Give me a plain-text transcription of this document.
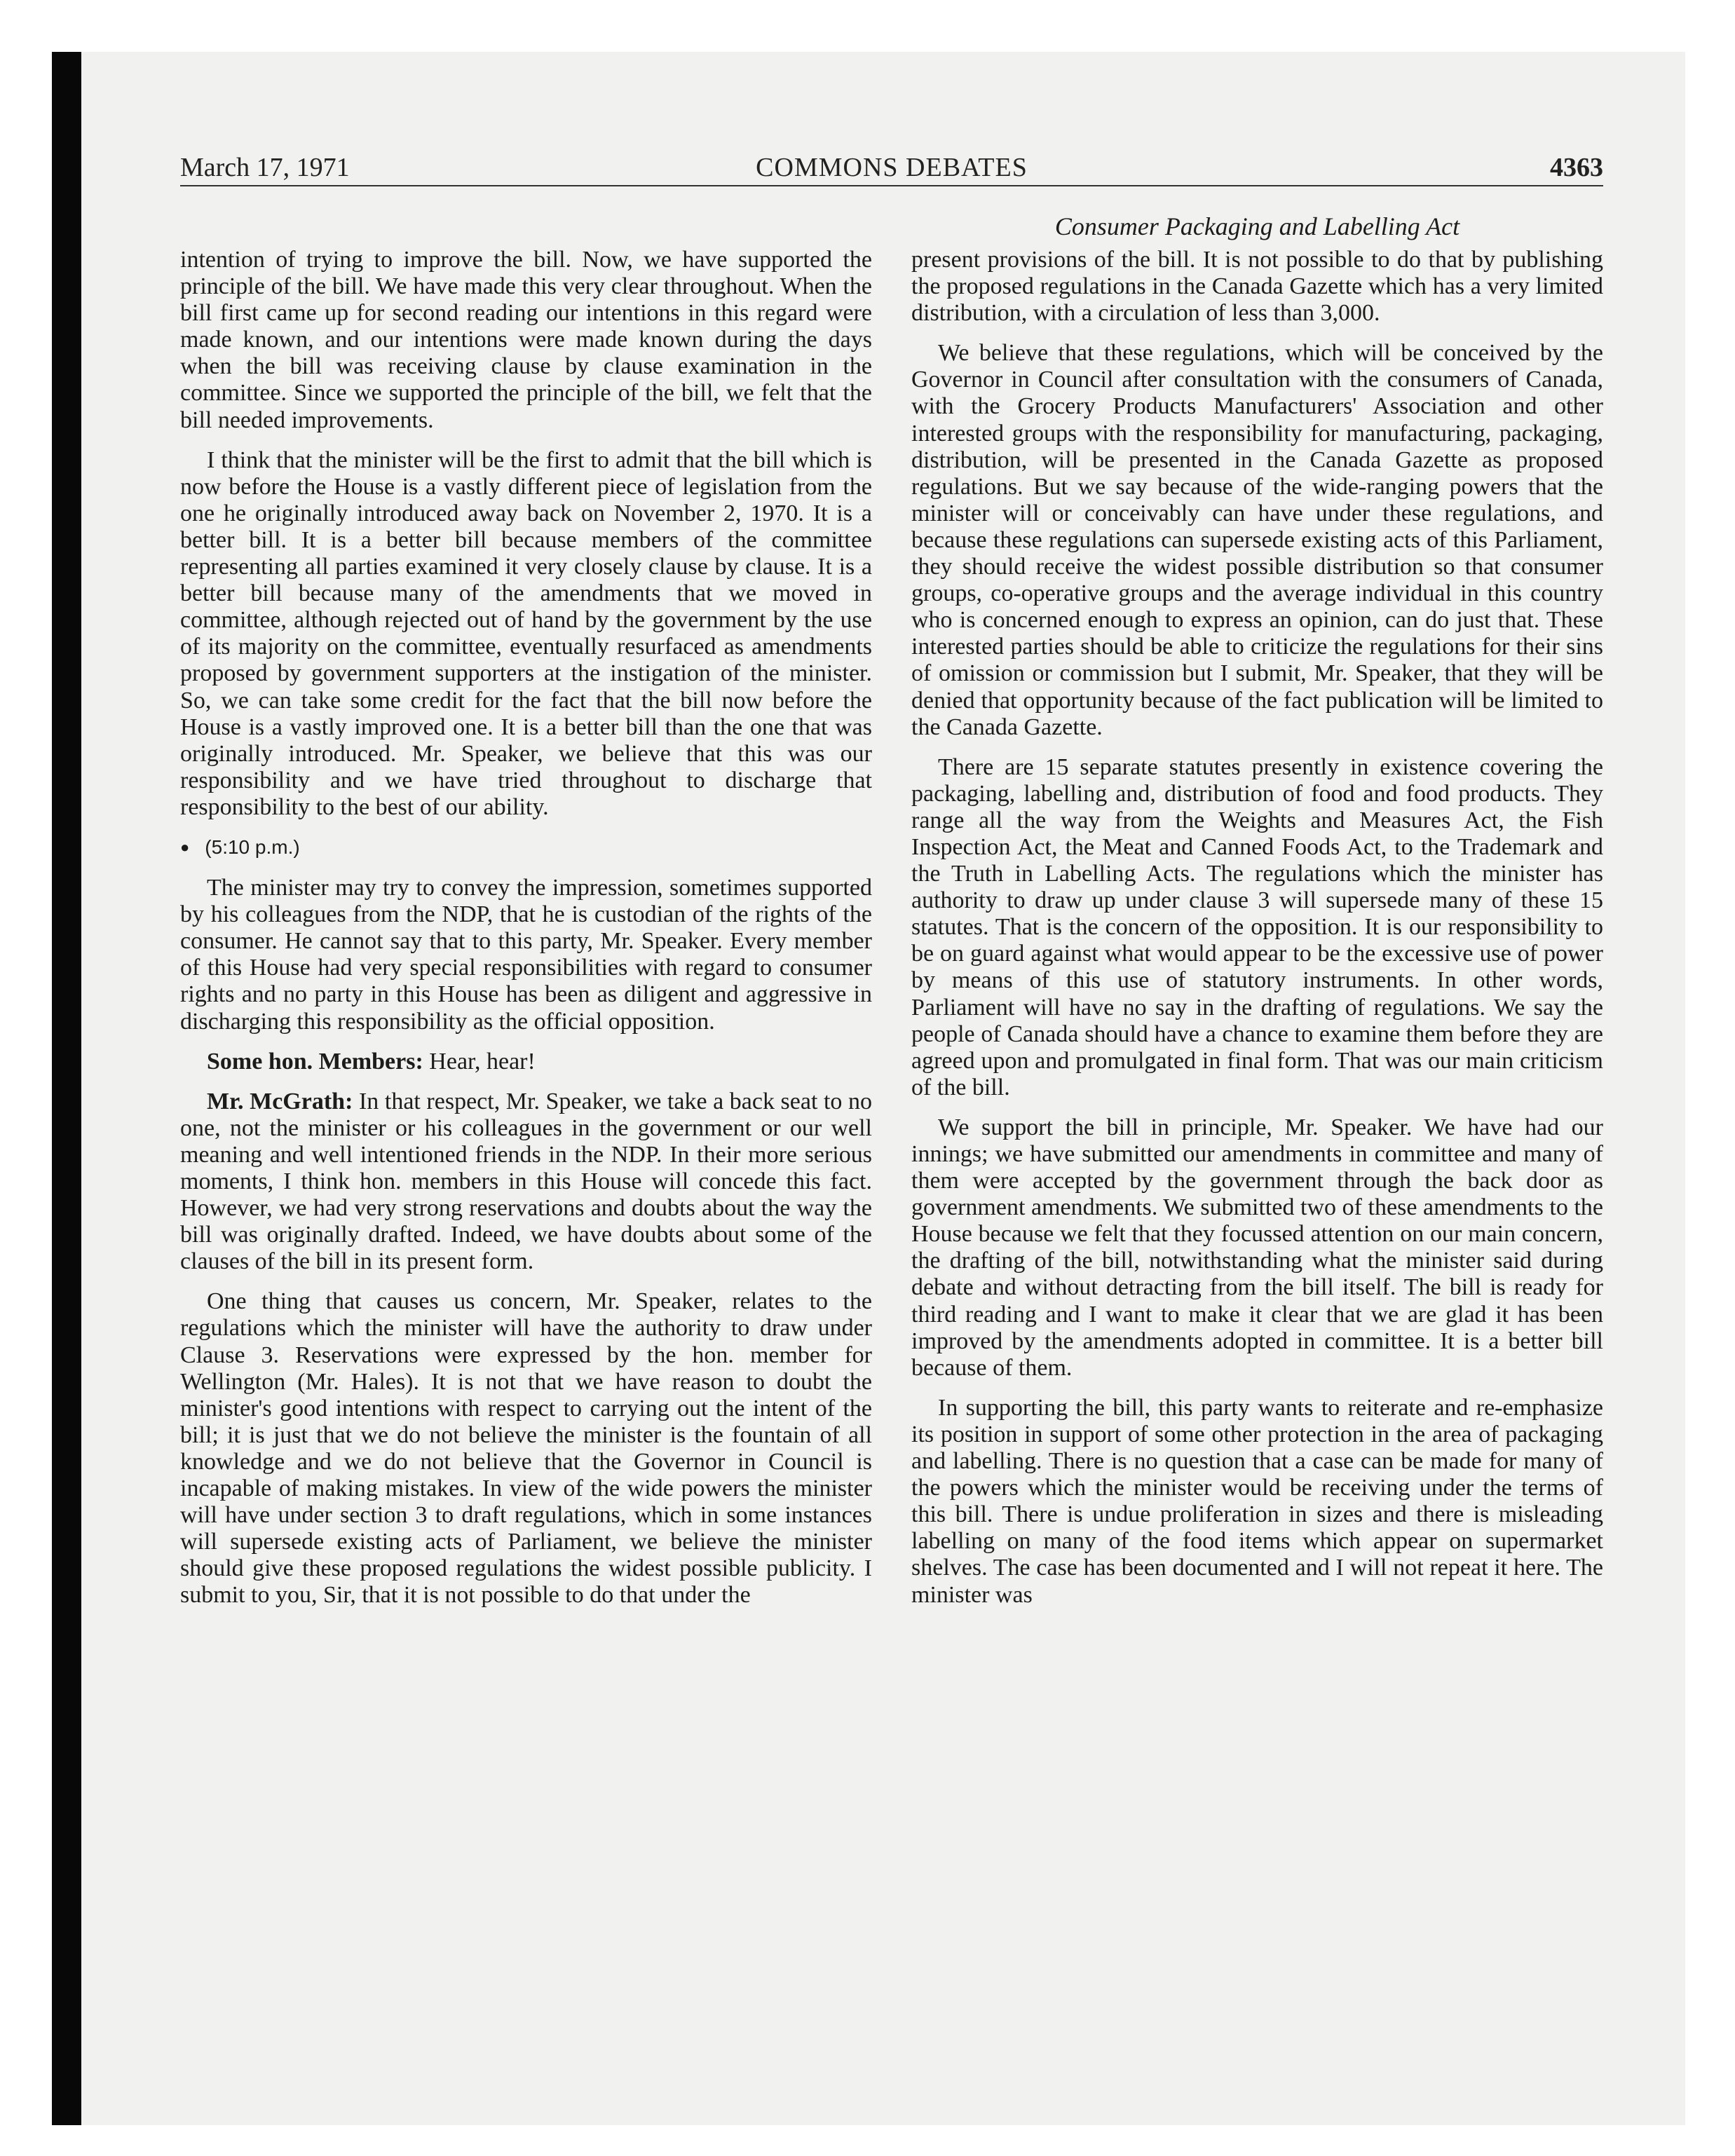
March 17, 1971	COMMONS DEBATES	4363
Consumer Packaging and Labelling Act

intention of trying to improve the bill. Now, we have supported the principle of the bill. We have made this very clear throughout. When the bill first came up for second reading our intentions in this regard were made known, and our intentions were made known during the days when the bill was receiving clause by clause examination in the committee. Since we supported the principle of the bill, we felt that the bill needed improvements.

I think that the minister will be the first to admit that the bill which is now before the House is a vastly different piece of legislation from the one he originally introduced away back on November 2, 1970. It is a better bill. It is a better bill because members of the committee representing all parties examined it very closely clause by clause. It is a better bill because many of the amendments that we moved in committee, although rejected out of hand by the government by the use of its majority on the committee, eventually resurfaced as amendments proposed by government supporters at the instigation of the minister. So, we can take some credit for the fact that the bill now before the House is a vastly improved one. It is a better bill than the one that was originally introduced. Mr. Speaker, we believe that this was our responsibility and we have tried throughout to discharge that responsibility to the best of our ability.

● (5:10 p.m.)

The minister may try to convey the impression, sometimes supported by his colleagues from the NDP, that he is custodian of the rights of the consumer. He cannot say that to this party, Mr. Speaker. Every member of this House had very special responsibilities with regard to consumer rights and no party in this House has been as diligent and aggressive in discharging this responsibility as the official opposition.

Some hon. Members: Hear, hear!

Mr. McGrath: In that respect, Mr. Speaker, we take a back seat to no one, not the minister or his colleagues in the government or our well meaning and well intentioned friends in the NDP. In their more serious moments, I think hon. members in this House will concede this fact. However, we had very strong reservations and doubts about the way the bill was originally drafted. Indeed, we have doubts about some of the clauses of the bill in its present form.

One thing that causes us concern, Mr. Speaker, relates to the regulations which the minister will have the authority to draw under Clause 3. Reservations were expressed by the hon. member for Wellington (Mr. Hales). It is not that we have reason to doubt the minister's good intentions with respect to carrying out the intent of the bill; it is just that we do not believe the minister is the fountain of all knowledge and we do not believe that the Governor in Council is incapable of making mistakes. In view of the wide powers the minister will have under section 3 to draft regulations, which in some instances will supersede existing acts of Parliament, we believe the minister should give these proposed regulations the widest possible publicity. I submit to you, Sir, that it is not possible to do that under the

present provisions of the bill. It is not possible to do that by publishing the proposed regulations in the Canada Gazette which has a very limited distribution, with a circulation of less than 3,000.

We believe that these regulations, which will be conceived by the Governor in Council after consultation with the consumers of Canada, with the Grocery Products Manufacturers' Association and other interested groups with the responsibility for manufacturing, packaging, distribution, will be presented in the Canada Gazette as proposed regulations. But we say because of the wide-ranging powers that the minister will or conceivably can have under these regulations, and because these regulations can supersede existing acts of this Parliament, they should receive the widest possible distribution so that consumer groups, co-operative groups and the average individual in this country who is concerned enough to express an opinion, can do just that. These interested parties should be able to criticize the regulations for their sins of omission or commission but I submit, Mr. Speaker, that they will be denied that opportunity because of the fact publication will be limited to the Canada Gazette.

There are 15 separate statutes presently in existence covering the packaging, labelling and, distribution of food and food products. They range all the way from the Weights and Measures Act, the Fish Inspection Act, the Meat and Canned Foods Act, to the Trademark and the Truth in Labelling Acts. The regulations which the minister has authority to draw up under clause 3 will supersede many of these 15 statutes. That is the concern of the opposition. It is our responsibility to be on guard against what would appear to be the excessive use of power by means of this use of statutory instruments. In other words, Parliament will have no say in the drafting of regulations. We say the people of Canada should have a chance to examine them before they are agreed upon and promulgated in final form. That was our main criticism of the bill.

We support the bill in principle, Mr. Speaker. We have had our innings; we have submitted our amendments in committee and many of them were accepted by the government through the back door as government amendments. We submitted two of these amendments to the House because we felt that they focussed attention on our main concern, the drafting of the bill, notwithstanding what the minister said during debate and without detracting from the bill itself. The bill is ready for third reading and I want to make it clear that we are glad it has been improved by the amendments adopted in committee. It is a better bill because of them.

In supporting the bill, this party wants to reiterate and re-emphasize its position in support of some other protection in the area of packaging and labelling. There is no question that a case can be made for many of the powers which the minister would be receiving under the terms of this bill. There is undue proliferation in sizes and there is misleading labelling on many of the food items which appear on supermarket shelves. The case has been documented and I will not repeat it here. The minister was
